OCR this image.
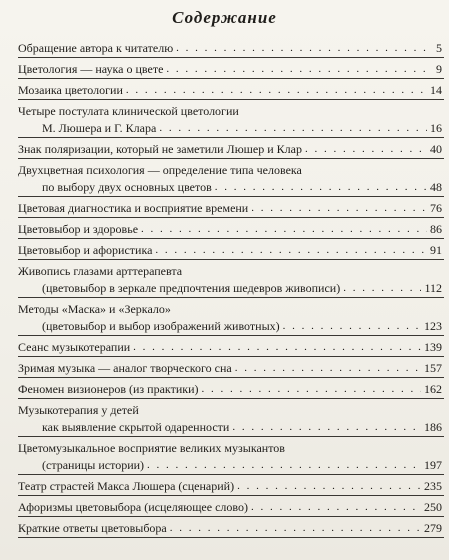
Содержание
Обращение автора к читателю . . .	5
Цветология — наука о цвете . . .	9
Мозаика цветологии . . .	14
Четыре постулата клинической цветологии
М. Люшера и Г. Клара . . .	16
Знак поляризации, который не заметили Люшер и Клар . . .	40
Двухцветная психология — определение типа человека
по выбору двух основных цветов . . .	48
Цветовая диагностика и восприятие времени . . .	76
Цветовыбор и здоровье . . .	86
Цветовыбор и афористика . . .	91
Живопись глазами арттерапевта
(цветовыбор в зеркале предпочтения шедевров живописи) . . .	112
Методы «Маска» и «Зеркало»
(цветовыбор и выбор изображений животных) . . .	123
Сеанс музыкотерапии . . .	139
Зримая музыка — аналог творческого сна . . .	157
Феномен визионеров (из практики) . . .	162
Музыкотерапия у детей
как выявление скрытой одаренности . . .	186
Цветомузыкальное восприятие великих музыкантов
(страницы истории) . . .	197
Театр страстей Макса Люшера (сценарий) . . .	235
Афоризмы цветовыбора (исцеляющее слово) . . .	250
Краткие ответы цветовыбора . . .	279
